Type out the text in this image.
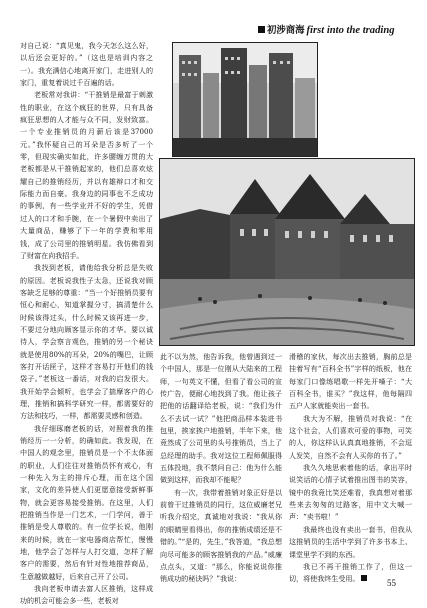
初涉商海 first into the trading

对自己说：“真见鬼，我今天怎么这么好，以后还会更好的。”（这也是培训内容之一）。我充满信心地离开家门，走进别人的家门，重复着说过千百遍的话。

老板常对我讲：“干推销是最富于刺激性的职业，在这个疯狂的世界，只有具备疯狂思想的人才能与众不同，发财致富。一个专业推销员的月薪后该是37000元。”我怀疑自己的耳朵是否多听了一个零，但现实确实如此，许多腰缠万贯的大老板都是从干推销起家的，他们总喜欢炫耀自己的推销经历，并以有雄辩口才和交际能力而自豪。我身边的同事也不乏成功的事例，有一些学业并不好的学生，凭借过人的口才和手腕，在一个暑假中卖出了大量商品，赚够了下一年的学费和零用钱，成了公司里的推销明星。我仿佛看到了财富在向我招手。

我找到老板，请他给我分析总是失败的原因。老板说我性子太急，还说我对顾客缺乏足够的尊重：“当一个好推销员要有恒心和耐心，知道掌握分寸，搞清楚什么时候该得过头，什么时候又该再进一步，不要过分地向顾客显示你的才华。要以诚待人，学会察言观色，推销的另一个秘诀就是使用80%的耳朵，20%的嘴巴，让顾客打开话匣子，这样才容易打开他们的钱袋子。”老板这一番话，对我的启发很大。我开始学会倾听，也学会了揣摩客户的心理，推销和搞科学研究一样，都需要好的方法和技巧，一样，都需要灵感和创造。

我仔细琢磨老板的话，对照着我的推销经历一一分析，的确如此。我发现，在中国人的观念里，推销员是一个不太体面的职业，人们往往对推销员怀有戒心，有一种先入为主的排斥心理，而在这个国家，文化的差异使人们更愿意接受新鲜事物，就会更容易接受推销。在这里，人们把推销当作是一门艺术，一门学问，善于推销是受人尊敬的。有一位学长说，他刚来的时候，就在一家电器商店帮忙，慢慢地，他学会了怎样与人打交道，怎样了解客户的需要，然后有针对性地推荐商品，生意越做越好，后来自己开了公司。

我向老板申请去富人区推销，这样成功的机会可能会多一些，老板对

此不以为然，他告诉我，他曾遇到过一个中国人，那是一位刚从大陆来的工程师，一句英文不懂，但看了看公司的宣传广告，便耐心地找到了我。他让孩子把他的话翻译给老板，说：“我们为什么不去试一试？”他把商品样本装进书包里，挨家挨户地推销，半年下来，他竟然成了公司里的头号推销员，当上了总经理的助手。我对这位工程师佩服得五体投地，我不禁问自己：他为什么能做到这样，而我却不能呢？

有一次，我带着推销对象正好是以前曾干过推销员的同行，这位威廉老兄听我介绍完，真诚地对我说：“我从你的眼睛里看得出，你的推销成绩还是不错的。”“是的，先生，”我答道，“我总想向尽可能多的顾客推销我的产品。”威廉点点头，又道：“那么，你能说说你推销成功的秘诀吗？”我说：

滑稽的家伙，每次出去推销，胸前总是挂着写有“百科全书”字样的纸板，他在每家门口像练唱歌一样先开嗓子：“大百科全书，谁买？”我这样，他每隔四五户人家就能卖出一套书。

我大为不解，推销员对我说：“在这个社会，人们喜欢可爱的事物，可笑的人，你这样认认真真地推销，不会逗人发笑，自然不会有人买你的书了。”

我久久地思索着他的话，拿出平时说笑话的心情子试着推出图书的笑容，镜中的我竟比笑还难看，我真想对着那些来去匆匆的过路客，用中文大喊一声：“卖书啦！”

我最终也没有卖出一套书，但我从这推销员的生活中学到了许多书本上、课堂里学不到的东西。

我已不再干推销工作了，但这一切，将使我终生受用。	55
